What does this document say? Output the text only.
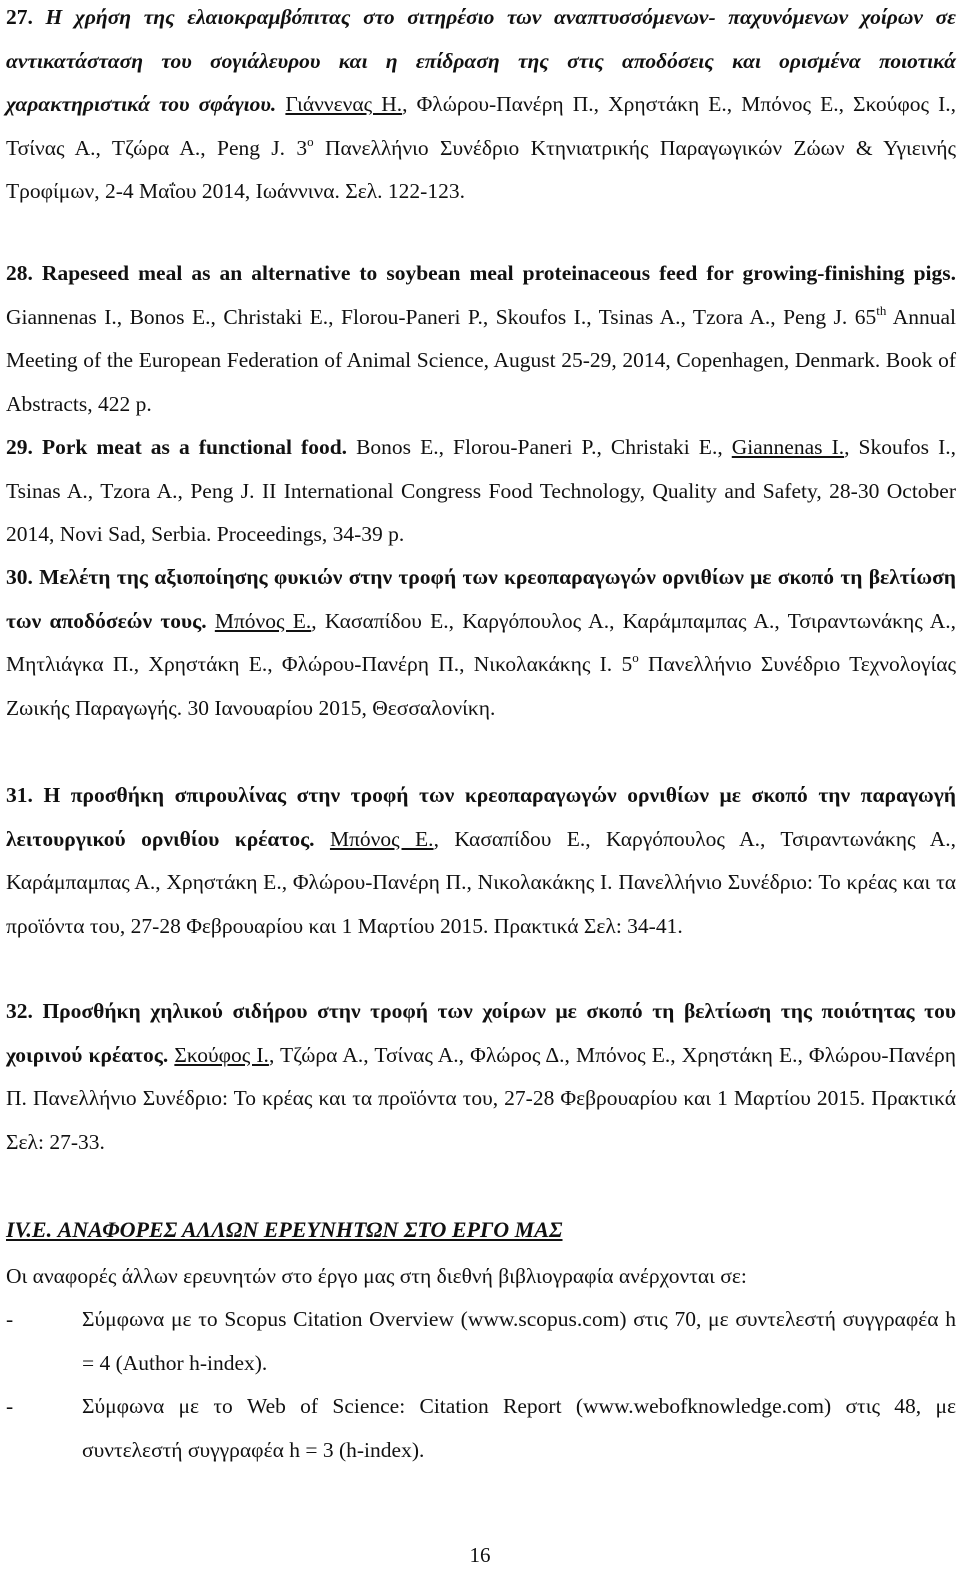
27. Η χρήση της ελαιοκραμβόπιτας στο σιτηρέσιο των αναπτυσσόμενων- παχυνόμενων χοίρων σε αντικατάσταση του σογιάλευρου και η επίδραση της στις αποδόσεις και ορισμένα ποιοτικά χαρακτηριστικά του σφάγιου. Γιάννενας Η., Φλώρου-Πανέρη Π., Χρηστάκη Ε., Μπόνος Ε., Σκούφος Ι., Τσίνας Α., Τζώρα Α., Peng J. $3^o$ Πανελλήνιο Συνέδριο Κτηνιατρικής Παραγωγικών Ζώων & Υγιεινής Τροφίμων, 2-4 Μαΐου 2014, Ιωάννινα. Σελ. 122-123.

28. Rapeseed meal as an alternative to soybean meal proteinaceous feed for growing-finishing pigs. Giannenas I., Bonos E., Christaki E., Florou-Paneri P., Skoufos I., Tsinas A., Tzora A., Peng J. 65th Annual Meeting of the European Federation of Animal Science, August 25-29, 2014, Copenhagen, Denmark. Book of Abstracts, 422 p.

29. Pork meat as a functional food. Bonos E., Florou-Paneri P., Christaki E., Giannenas I., Skoufos I., Tsinas A., Tzora A., Peng J. II International Congress Food Technology, Quality and Safety, 28-30 October 2014, Novi Sad, Serbia. Proceedings, 34-39 p.

30. Μελέτη της αξιοποίησης φυκιών στην τροφή των κρεοπαραγωγών ορνιθίων με σκοπό τη βελτίωση των αποδόσεών τους. Μπόνος Ε., Κασαπίδου Ε., Καργόπουλος Α., Καράμπαμπας Α., Τσιραντωνάκης Α., Μητλιάγκα Π., Χρηστάκη Ε., Φλώρου-Πανέρη Π., Νικολακάκης Ι. $5^o$ Πανελλήνιο Συνέδριο Τεχνολογίας Ζωικής Παραγωγής. 30 Ιανουαρίου 2015, Θεσσαλονίκη.

31. Η προσθήκη σπιρουλίνας στην τροφή των κρεοπαραγωγών ορνιθίων με σκοπό την παραγωγή λειτουργικού ορνιθίου κρέατος. Μπόνος Ε., Κασαπίδου Ε., Καργόπουλος Α., Τσιραντωνάκης Α., Καράμπαμπας Α., Χρηστάκη Ε., Φλώρου-Πανέρη Π., Νικολακάκης Ι. Πανελλήνιο Συνέδριο: Το κρέας και τα προϊόντα του, 27-28 Φεβρουαρίου και 1 Μαρτίου 2015. Πρακτικά Σελ: 34-41.

32. Προσθήκη χηλικού σιδήρου στην τροφή των χοίρων με σκοπό τη βελτίωση της ποιότητας του χοιρινού κρέατος. Σκούφος Ι., Τζώρα Α., Τσίνας Α., Φλώρος Δ., Μπόνος Ε., Χρηστάκη Ε., Φλώρου-Πανέρη Π. Πανελλήνιο Συνέδριο: Το κρέας και τα προϊόντα του, 27-28 Φεβρουαρίου και 1 Μαρτίου 2015. Πρακτικά Σελ: 27-33.

IV.E. ΑΝΑΦΟΡΕΣ ΑΛΛΩΝ ΕΡΕΥΝΗΤΩΝ ΣΤΟ ΕΡΓΟ ΜΑΣ

Οι αναφορές άλλων ερευνητών στο έργο μας στη διεθνή βιβλιογραφία ανέρχονται σε:

-	Σύμφωνα με το Scopus Citation Overview (www.scopus.com) στις 70, με συντελεστή συγγραφέα h = 4 (Author h-index).
-	Σύμφωνα με το Web of Science: Citation Report (www.webofknowledge.com) στις 48, με συντελεστή συγγραφέα h = 3 (h-index).
16
